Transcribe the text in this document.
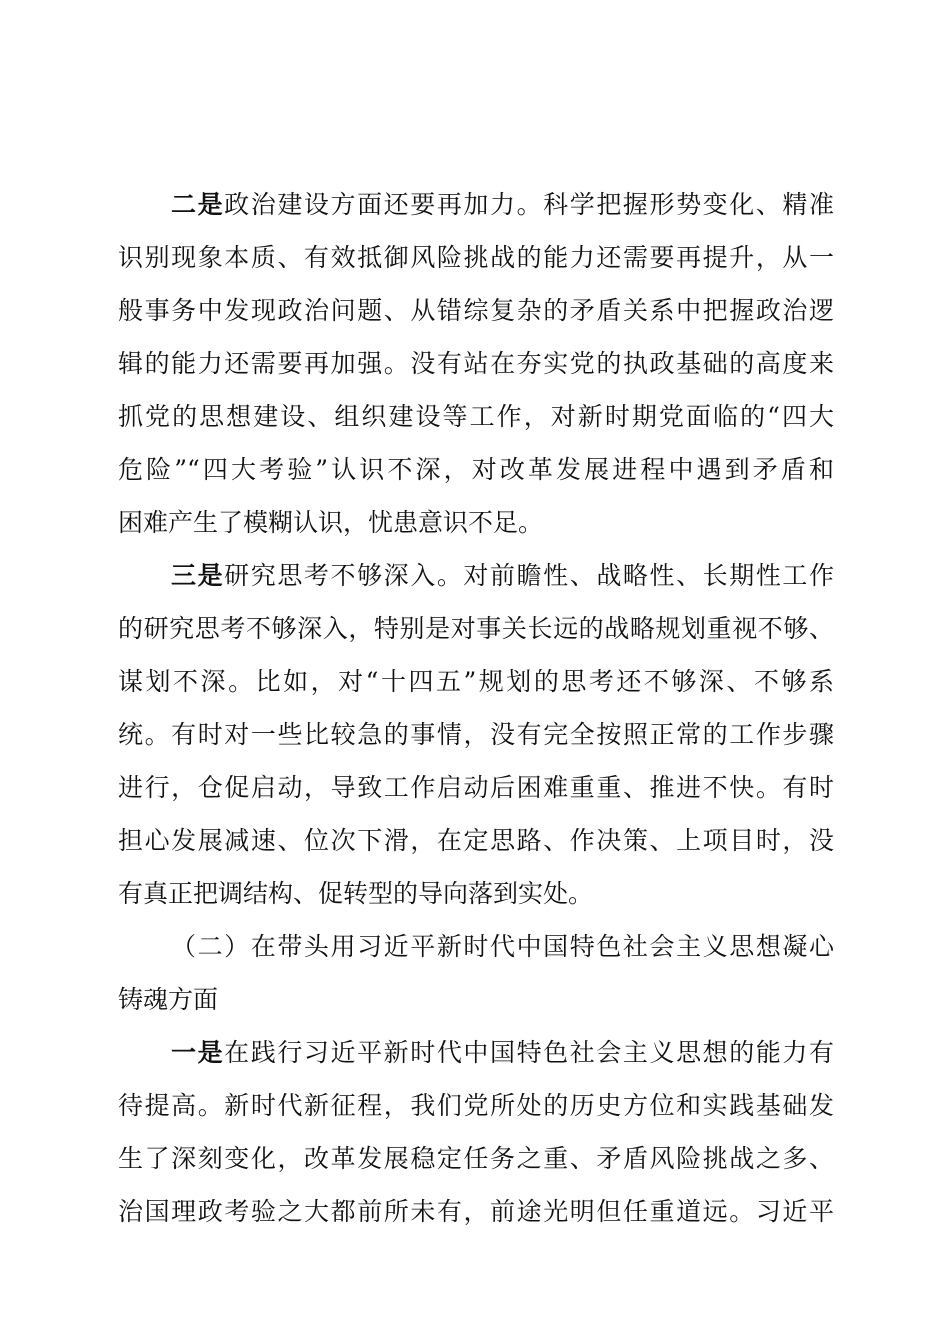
二是政治建设方面还要再加力。科学把握形势变化、精准
识别现象本质、有效抵御风险挑战的能力还需要再提升，从一
般事务中发现政治问题、从错综复杂的矛盾关系中把握政治逻
辑的能力还需要再加强。没有站在夯实党的执政基础的高度来
抓党的思想建设、组织建设等工作，对新时期党面临的“四大
危险”“四大考验”认识不深，对改革发展进程中遇到矛盾和
困难产生了模糊认识，忧患意识不足。
三是研究思考不够深入。对前瞻性、战略性、长期性工作
的研究思考不够深入，特别是对事关长远的战略规划重视不够、
谋划不深。比如，对“十四五”规划的思考还不够深、不够系
统。有时对一些比较急的事情，没有完全按照正常的工作步骤
进行，仓促启动，导致工作启动后困难重重、推进不快。有时
担心发展减速、位次下滑，在定思路、作决策、上项目时，没
有真正把调结构、促转型的导向落到实处。
（二）在带头用习近平新时代中国特色社会主义思想凝心
铸魂方面
一是在践行习近平新时代中国特色社会主义思想的能力有
待提高。新时代新征程，我们党所处的历史方位和实践基础发
生了深刻变化，改革发展稳定任务之重、矛盾风险挑战之多、
治国理政考验之大都前所未有，前途光明但任重道远。习近平
